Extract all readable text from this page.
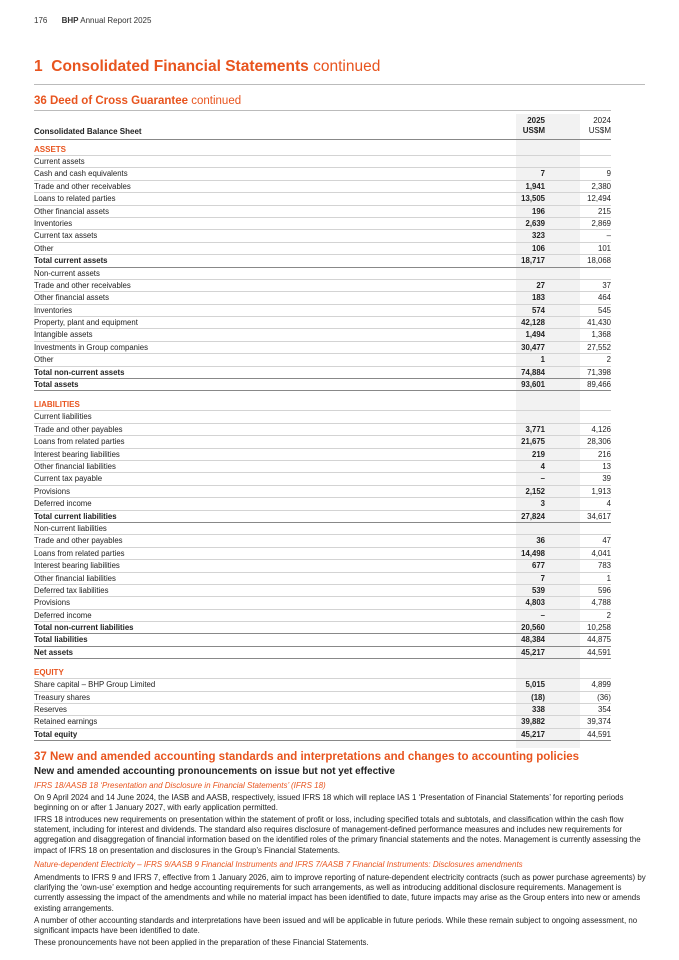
176 BHP Annual Report 2025
1 Consolidated Financial Statements continued
36 Deed of Cross Guarantee continued
Consolidated Balance Sheet
2025
US$M
2024
US$M
ASSETS
Current assets
Cash and cash equivalents	7	9
Trade and other receivables	1,941	2,380
Loans to related parties	13,505	12,494
Other financial assets	196	215
Inventories	2,639	2,869
Current tax assets	323	–
Other	106	101
Total current assets	18,717	18,068
Non-current assets
Trade and other receivables	27	37
Other financial assets	183	464
Inventories	574	545
Property, plant and equipment	42,128	41,430
Intangible assets	1,494	1,368
Investments in Group companies	30,477	27,552
Other	1	2
Total non-current assets	74,884	71,398
Total assets	93,601	89,466
LIABILITIES
Current liabilities
Trade and other payables	3,771	4,126
Loans from related parties	21,675	28,306
Interest bearing liabilities	219	216
Other financial liabilities	4	13
Current tax payable	–	39
Provisions	2,152	1,913
Deferred income	3	4
Total current liabilities	27,824	34,617
Non-current liabilities
Trade and other payables	36	47
Loans from related parties	14,498	4,041
Interest bearing liabilities	677	783
Other financial liabilities	7	1
Deferred tax liabilities	539	596
Provisions	4,803	4,788
Deferred income	–	2
Total non-current liabilities	20,560	10,258
Total liabilities	48,384	44,875
Net assets	45,217	44,591
EQUITY
Share capital – BHP Group Limited	5,015	4,899
Treasury shares	(18)	(36)
Reserves	338	354
Retained earnings	39,882	39,374
Total equity	45,217	44,591
37 New and amended accounting standards and interpretations and changes to accounting policies
New and amended accounting pronouncements on issue but not yet effective
IFRS 18/AASB 18 ‘Presentation and Disclosure in Financial Statements’ (IFRS 18)
On 9 April 2024 and 14 June 2024, the IASB and AASB, respectively, issued IFRS 18 which will replace IAS 1 ‘Presentation of Financial Statements’ for reporting periods beginning on or after 1 January 2027, with early application permitted.
IFRS 18 introduces new requirements on presentation within the statement of profit or loss, including specified totals and subtotals, and classification within the cash flow statement, including for interest and dividends. The standard also requires disclosure of management-defined performance measures and includes new requirements for aggregation and disaggregation of financial information based on the identified roles of the primary financial statements and the notes. Management is currently assessing the impact of IFRS 18 on presentation and disclosures in the Group’s Financial Statements.
Nature-dependent Electricity – IFRS 9/AASB 9 Financial Instruments and IFRS 7/AASB 7 Financial Instruments: Disclosures amendments
Amendments to IFRS 9 and IFRS 7, effective from 1 January 2026, aim to improve reporting of nature-dependent electricity contracts (such as power purchase agreements) by clarifying the ‘own-use’ exemption and hedge accounting requirements for such arrangements, as well as introducing additional disclosure requirements. Management is currently assessing the impact of the amendments and while no material impact has been identified to date, future impacts may arise as the Group enters into new or amends existing arrangements.
A number of other accounting standards and interpretations have been issued and will be applicable in future periods. While these remain subject to ongoing assessment, no significant impacts have been identified to date.
These pronouncements have not been applied in the preparation of these Financial Statements.
